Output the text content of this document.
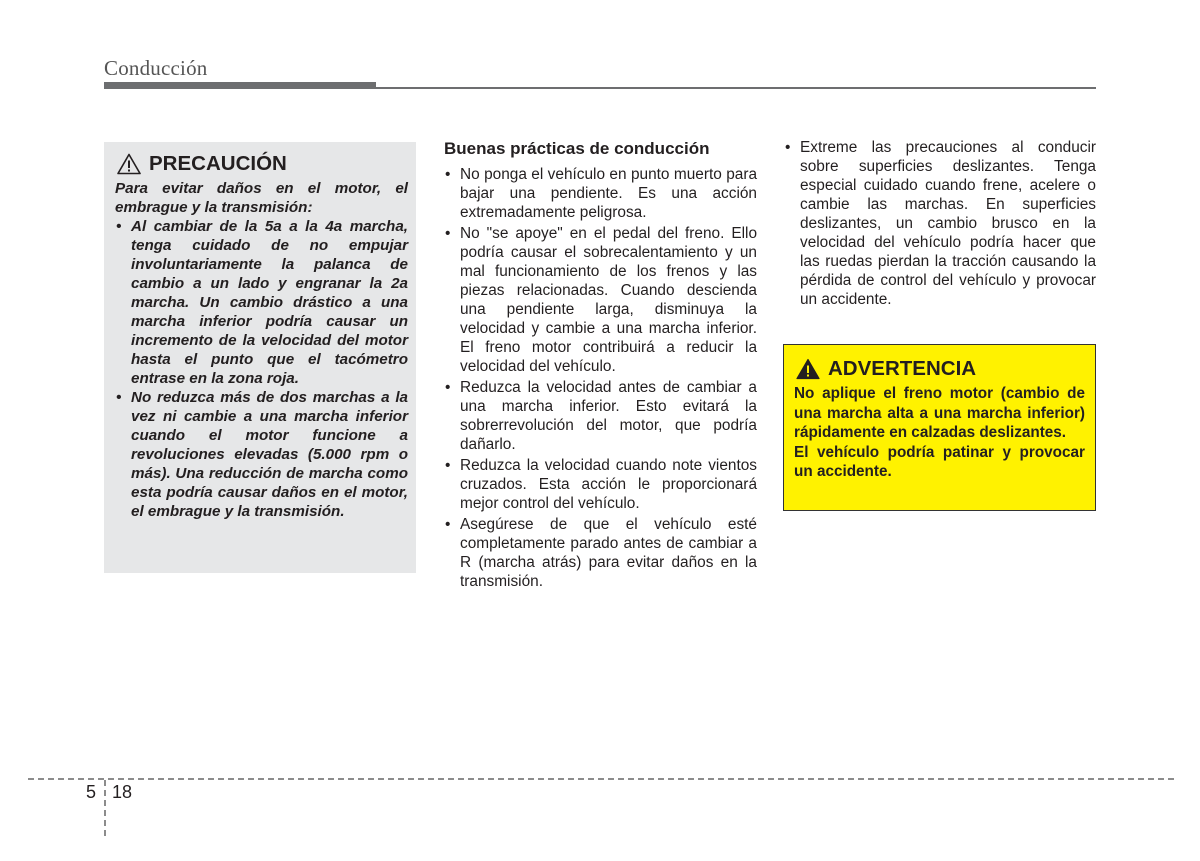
Conducción
PRECAUCIÓN

Para evitar daños en el motor, el embrague y la transmisión:

• Al cambiar de la 5a a la 4a marcha, tenga cuidado de no empujar involuntariamente la palanca de cambio a un lado y engranar la 2a marcha. Un cambio drástico a una marcha inferior podría causar un incremento de la velocidad del motor hasta el punto que el tacómetro entrase en la zona roja.
• No reduzca más de dos marchas a la vez ni cambie a una marcha inferior cuando el motor funcione a revoluciones elevadas (5.000 rpm o más). Una reducción de marcha como esta podría causar daños en el motor, el embrague y la transmisión.
Buenas prácticas de conducción
• No ponga el vehículo en punto muerto para bajar una pendiente. Es una acción extremadamente peligrosa.
• No "se apoye" en el pedal del freno. Ello podría causar el sobrecalentamiento y un mal funcionamiento de los frenos y las piezas relacionadas. Cuando descienda una pendiente larga, disminuya la velocidad y cambie a una marcha inferior. El freno motor contribuirá a reducir la velocidad del vehículo.
• Reduzca la velocidad antes de cambiar a una marcha inferior. Esto evitará la sobrerrevolución del motor, que podría dañarlo.
• Reduzca la velocidad cuando note vientos cruzados. Esta acción le proporcionará mejor control del vehículo.
• Asegúrese de que el vehículo esté completamente parado antes de cambiar a R (marcha atrás) para evitar daños en la transmisión.
• Extreme las precauciones al conducir sobre superficies deslizantes. Tenga especial cuidado cuando frene, acelere o cambie las marchas. En superficies deslizantes, un cambio brusco en la velocidad del vehículo podría hacer que las ruedas pierdan la tracción causando la pérdida de control del vehículo y provocar un accidente.
ADVERTENCIA

No aplique el freno motor (cambio de una marcha alta a una marcha inferior) rápidamente en calzadas deslizantes.

El vehículo podría patinar y provocar un accidente.

5 18
